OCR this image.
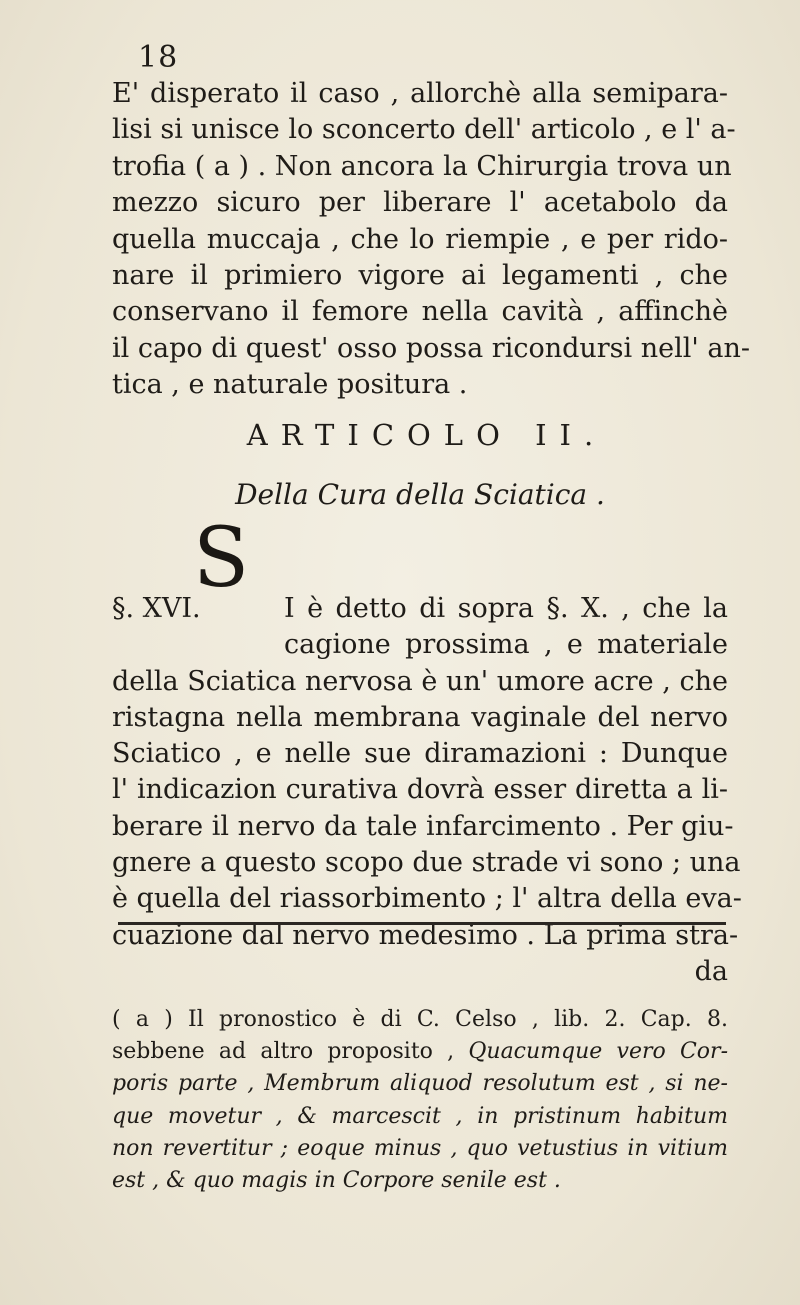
18
E' disperato il caso , allorchè alla semipara-
lisi si unisce lo sconcerto dell' articolo , e l' a-
trofia ( a ) . Non ancora la Chirurgia trova un
mezzo sicuro per liberare l' acetabolo da
quella muccaja , che lo riempie , e per rido-
nare il primiero vigore ai legamenti , che
conservano il femore nella cavità , affinchè
il capo di quest' osso possa ricondursi nell' an-
tica , e naturale positura .
ARTICOLO II.
Della Cura della Sciatica .
S
§. XVI.	I è detto di sopra §. X. , che la
cagione prossima , e materiale
della Sciatica nervosa è un' umore acre , che
ristagna nella membrana vaginale del nervo
Sciatico , e nelle sue diramazioni : Dunque
l' indicazion curativa dovrà esser diretta a li-
berare il nervo da tale infarcimento . Per giu-
gnere a questo scopo due strade vi sono ; una
è quella del riassorbimento ; l' altra della eva-
cuazione dal nervo medesimo . La prima stra-
da
( a ) Il pronostico è di C. Celso , lib. 2. Cap. 8.
sebbene ad altro proposito , Quacumque vero Cor-
poris parte , Membrum aliquod resolutum est , si ne-
que movetur , & marcescit , in pristinum habitum
non revertitur ; eoque minus , quo vetustius in vitium
est , & quo magis in Corpore senile est .
